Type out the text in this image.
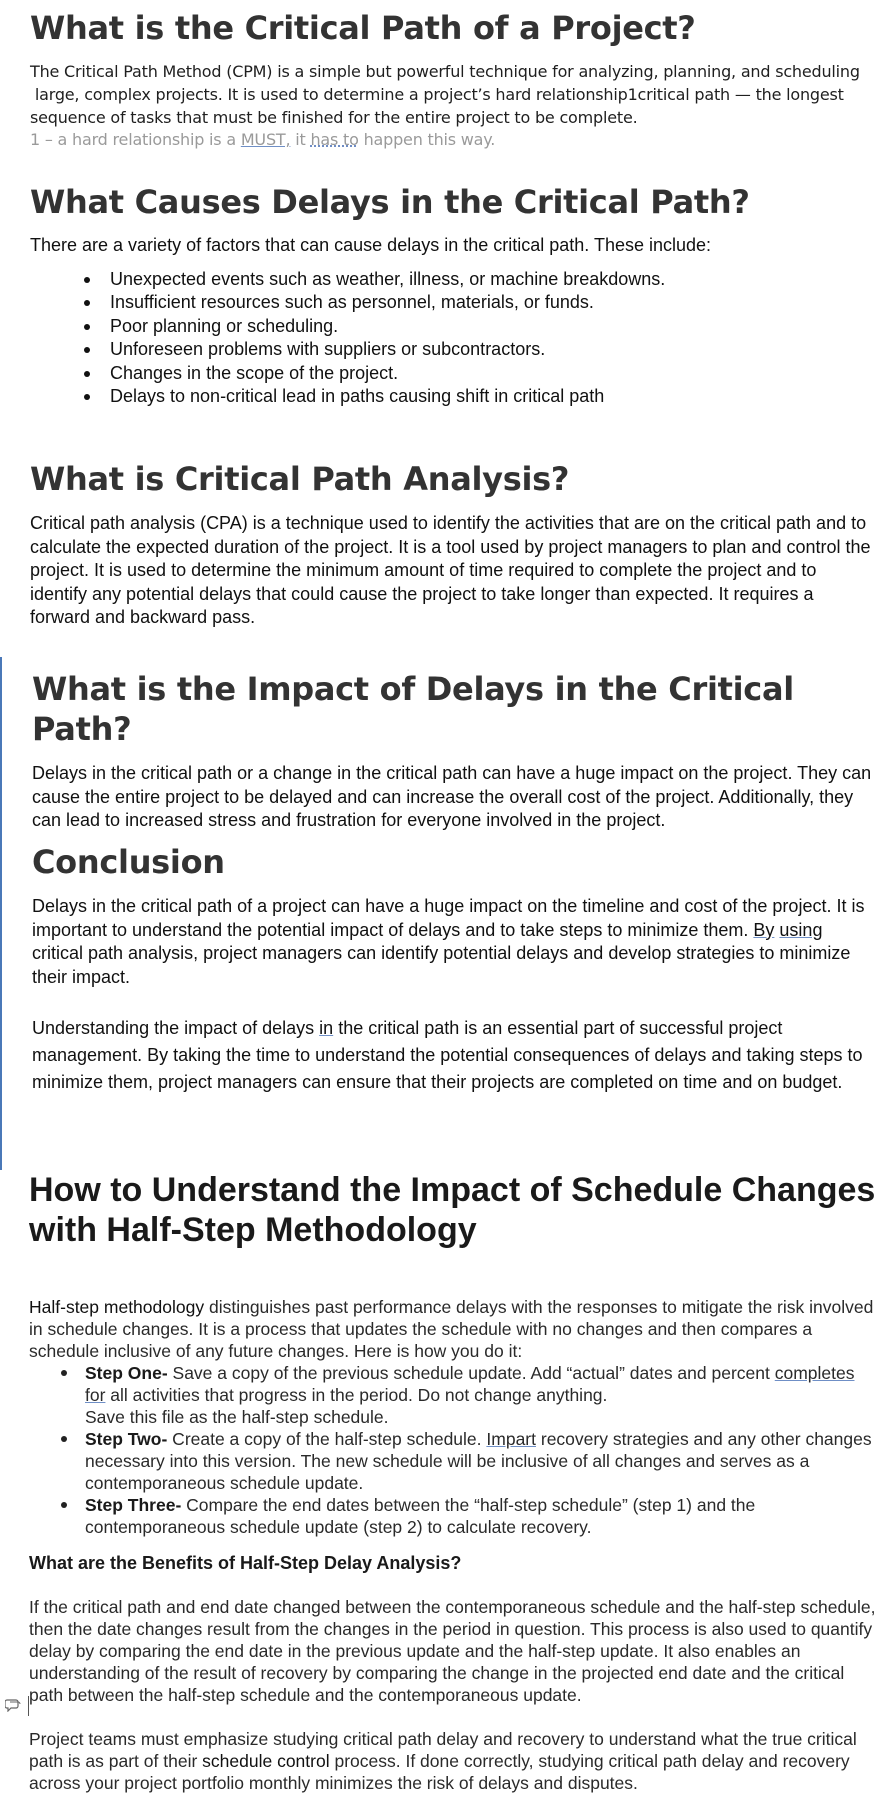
What is the Critical Path of a Project?
The Critical Path Method (CPM) is a simple but powerful technique for analyzing, planning, and scheduling
large, complex projects. It is used to determine a project’s hard relationship1critical path — the longest
sequence of tasks that must be finished for the entire project to be complete.
1 – a hard relationship is a MUST, it has to happen this way.
What Causes Delays in the Critical Path?

There are a variety of factors that can cause delays in the critical path. These include:

Unexpected events such as weather, illness, or machine breakdowns.
Insufficient resources such as personnel, materials, or funds.
Poor planning or scheduling.
Unforeseen problems with suppliers or subcontractors.
Changes in the scope of the project.
Delays to non-critical lead in paths causing shift in critical path
What is Critical Path Analysis?

Critical path analysis (CPA) is a technique used to identify the activities that are on the critical path and to calculate the expected duration of the project. It is a tool used by project managers to plan and control the project. It is used to determine the minimum amount of time required to complete the project and to identify any potential delays that could cause the project to take longer than expected. It requires a forward and backward pass.

What is the Impact of Delays in the Critical Path?

Delays in the critical path or a change in the critical path can have a huge impact on the project. They can cause the entire project to be delayed and can increase the overall cost of the project. Additionally, they can lead to increased stress and frustration for everyone involved in the project.

Conclusion

Delays in the critical path of a project can have a huge impact on the timeline and cost of the project. It is important to understand the potential impact of delays and to take steps to minimize them. By using critical path analysis, project managers can identify potential delays and develop strategies to minimize their impact.

Understanding the impact of delays in the critical path is an essential part of successful project management. By taking the time to understand the potential consequences of delays and taking steps to minimize them, project managers can ensure that their projects are completed on time and on budget.

How to Understand the Impact of Schedule Changes with Half-Step Methodology

Half-step methodology distinguishes past performance delays with the responses to mitigate the risk involved in schedule changes. It is a process that updates the schedule with no changes and then compares a schedule inclusive of any future changes. Here is how you do it:

Step One- Save a copy of the previous schedule update. Add “actual” dates and percent completes for all activities that progress in the period. Do not change anything.
Save this file as the half-step schedule.
Step Two- Create a copy of the half-step schedule. Impart recovery strategies and any other changes necessary into this version. The new schedule will be inclusive of all changes and serves as a contemporaneous schedule update.
Step Three- Compare the end dates between the “half-step schedule” (step 1) and the contemporaneous schedule update (step 2) to calculate recovery.
What are the Benefits of Half-Step Delay Analysis?

If the critical path and end date changed between the contemporaneous schedule and the half-step schedule, then the date changes result from the changes in the period in question. This process is also used to quantify delay by comparing the end date in the previous update and the half-step update. It also enables an understanding of the result of recovery by comparing the change in the projected end date and the critical path between the half-step schedule and the contemporaneous update.

Project teams must emphasize studying critical path delay and recovery to understand what the true critical path is as part of their schedule control process. If done correctly, studying critical path delay and recovery across your project portfolio monthly minimizes the risk of delays and disputes.
